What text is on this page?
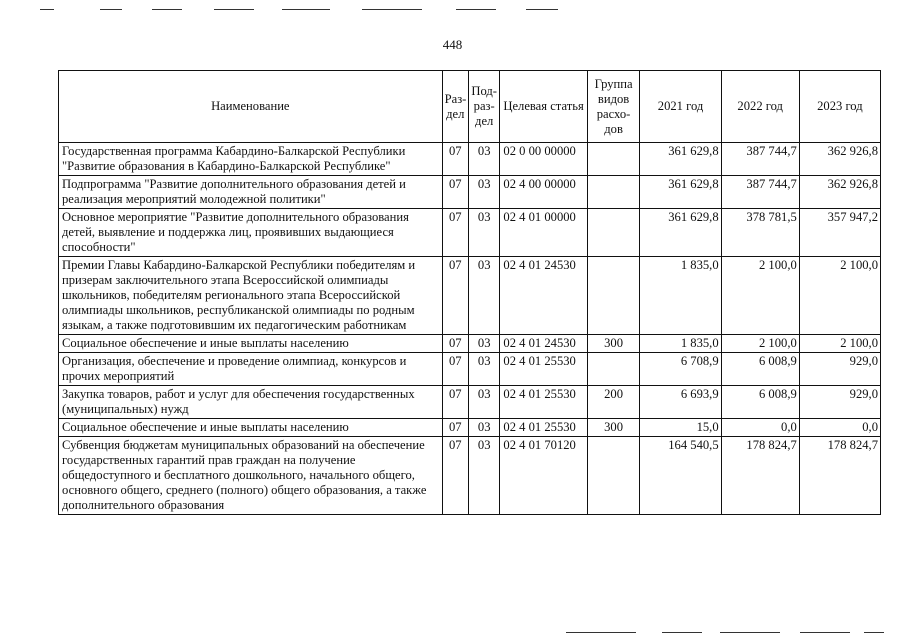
448
Наименование	Раз-дел	Под-раз-дел	Целевая статья	Группа видов расхо-дов	2021 год	2022 год	2023 год
Государственная программа Кабардино-Балкарской Республики "Развитие образования в Кабардино-Балкарской Республике"	07	03	02 0 00 00000		361 629,8	387 744,7	362 926,8
Подпрограмма "Развитие дополнительного образования детей и реализация мероприятий молодежной политики"	07	03	02 4 00 00000		361 629,8	387 744,7	362 926,8
Основное мероприятие "Развитие дополнительного образования детей, выявление и поддержка лиц, проявивших выдающиеся способности"	07	03	02 4 01 00000		361 629,8	378 781,5	357 947,2
Премии Главы Кабардино-Балкарской Республики победителям и призерам заключительного этапа Всероссийской олимпиады школьников, победителям регионального этапа Всероссийской олимпиады школьников, республиканской олимпиады по родным языкам, а также подготовившим их педагогическим работникам	07	03	02 4 01 24530		1 835,0	2 100,0	2 100,0
Социальное обеспечение и иные выплаты населению	07	03	02 4 01 24530	300	1 835,0	2 100,0	2 100,0
Организация, обеспечение и проведение олимпиад, конкурсов и прочих мероприятий	07	03	02 4 01 25530		6 708,9	6 008,9	929,0
Закупка товаров, работ и услуг для обеспечения государственных (муниципальных) нужд	07	03	02 4 01 25530	200	6 693,9	6 008,9	929,0
Социальное обеспечение и иные выплаты населению	07	03	02 4 01 25530	300	15,0	0,0	0,0
Субвенция бюджетам муниципальных образований на обеспечение государственных гарантий прав граждан на получение общедоступного и бесплатного дошкольного, начального общего, основного общего, среднего (полного) общего образования, а также дополнительного образования	07	03	02 4 01 70120		164 540,5	178 824,7	178 824,7
